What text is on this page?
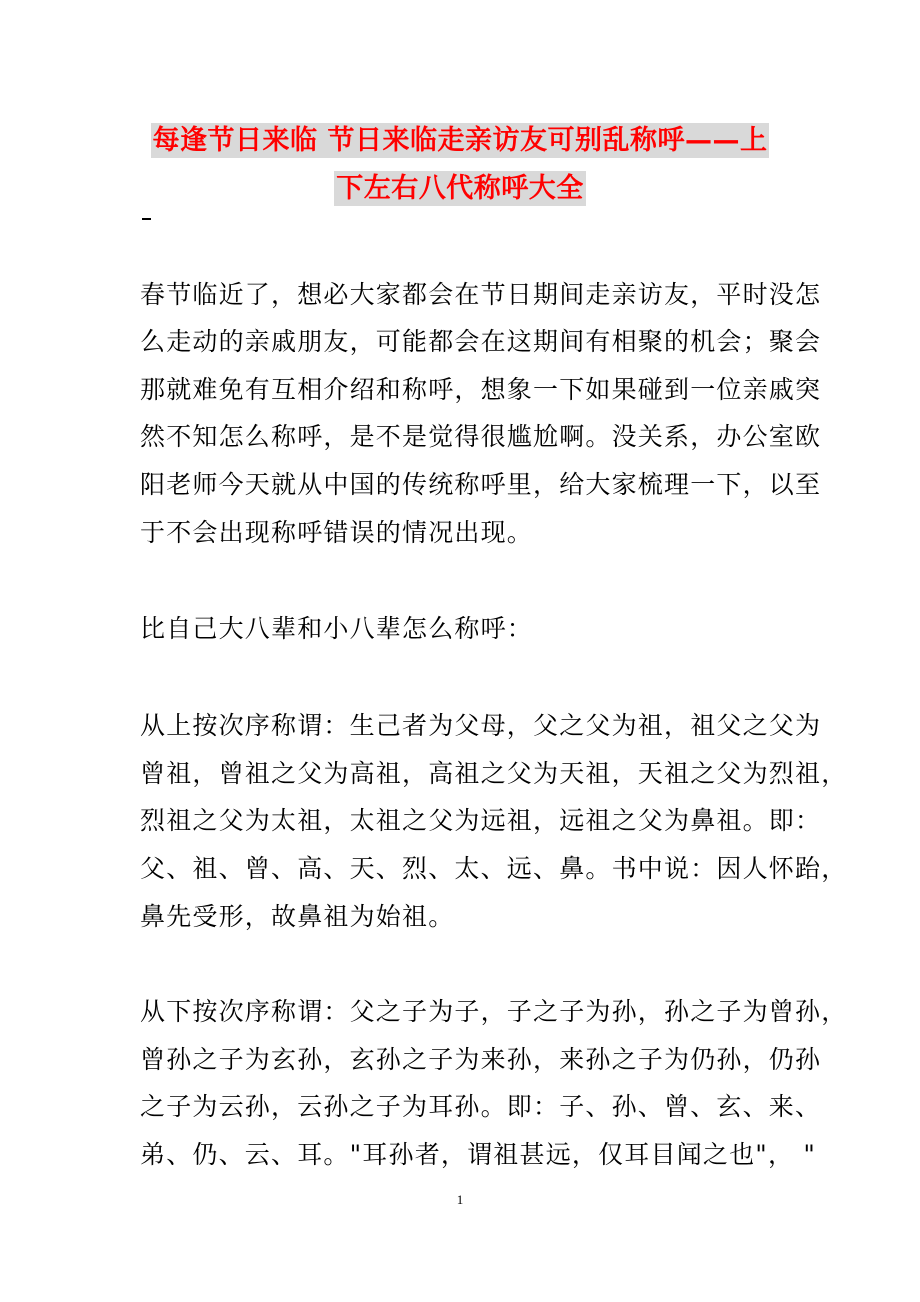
每逢节日来临 节日来临走亲访友可别乱称呼——上
下左右八代称呼大全
春节临近了，想必大家都会在节日期间走亲访友，平时没怎
么走动的亲戚朋友，可能都会在这期间有相聚的机会；聚会
那就难免有互相介绍和称呼，想象一下如果碰到一位亲戚突
然不知怎么称呼，是不是觉得很尴尬啊。没关系，办公室欧
阳老师今天就从中国的传统称呼里，给大家梳理一下，以至
于不会出现称呼错误的情况出现。
比自己大八辈和小八辈怎么称呼：
从上按次序称谓：生己者为父母，父之父为祖，祖父之父为
曾祖，曾祖之父为高祖，高祖之父为天祖，天祖之父为烈祖，
烈祖之父为太祖，太祖之父为远祖，远祖之父为鼻祖。即：
父、祖、曾、高、天、烈、太、远、鼻。书中说：因人怀跆，
鼻先受形，故鼻祖为始祖。
从下按次序称谓：父之子为子，子之子为孙，孙之子为曾孙，
曾孙之子为玄孙，玄孙之子为来孙，来孙之子为仍孙，仍孙
之子为云孙，云孙之子为耳孙。即：子、孙、曾、玄、来、
弟、仍、云、耳。"耳孙者，谓祖甚远，仅耳目闻之也"， "
1
